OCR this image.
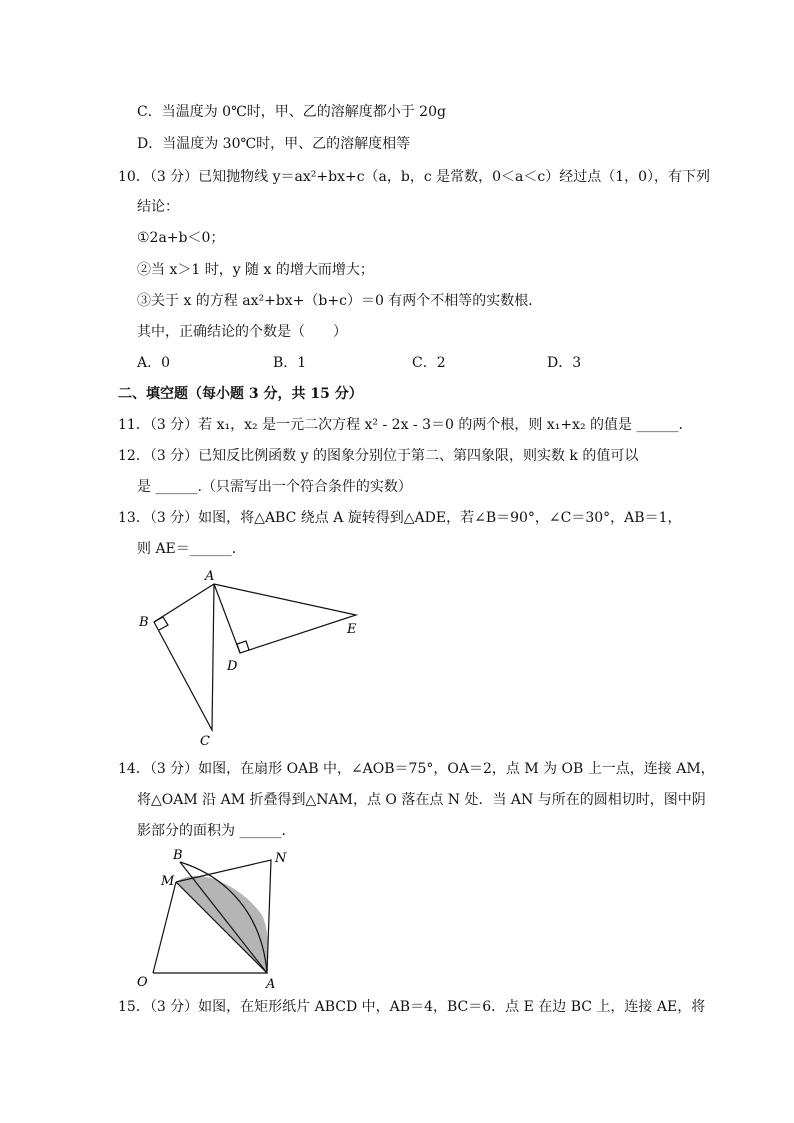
C．当温度为 0℃时，甲、乙的溶解度都小于 20g
D．当温度为 30℃时，甲、乙的溶解度相等
10．（3 分）已知抛物线 y＝ax²+bx+c（a，b，c 是常数，0＜a＜c）经过点（1，0），有下列
结论：
①2a+b＜0；
②当 x＞1 时，y 随 x 的增大而增大；
③关于 x 的方程 ax²+bx+（b+c）＝0 有两个不相等的实数根．
其中，正确结论的个数是（　　）
A．0	B．1	C．2	D．3
二、填空题（每小题 3 分，共 15 分）
11．（3 分）若 x₁，x₂ 是一元二次方程 x² - 2x - 3＝0 的两个根，则 x₁+x₂ 的值是 ______．
12．（3 分）已知反比例函数 y 的图象分别位于第二、第四象限，则实数 k 的值可以
是 ______.（只需写出一个符合条件的实数）
13．（3 分）如图，将△ABC 绕点 A 旋转得到△ADE，若∠B＝90°，∠C＝30°，AB＝1，
则 AE＝______．
A
B
C
D
E
14．（3 分）如图，在扇形 OAB 中，∠AOB＝75°，OA＝2，点 M 为 OB 上一点，连接 AM，
将△OAM 沿 AM 折叠得到△NAM，点 O 落在点 N 处．当 AN 与所在的圆相切时，图中阴
影部分的面积为 ______．
B	N
M
O	A
15．（3 分）如图，在矩形纸片 ABCD 中，AB＝4，BC＝6．点 E 在边 BC 上，连接 AE，将
